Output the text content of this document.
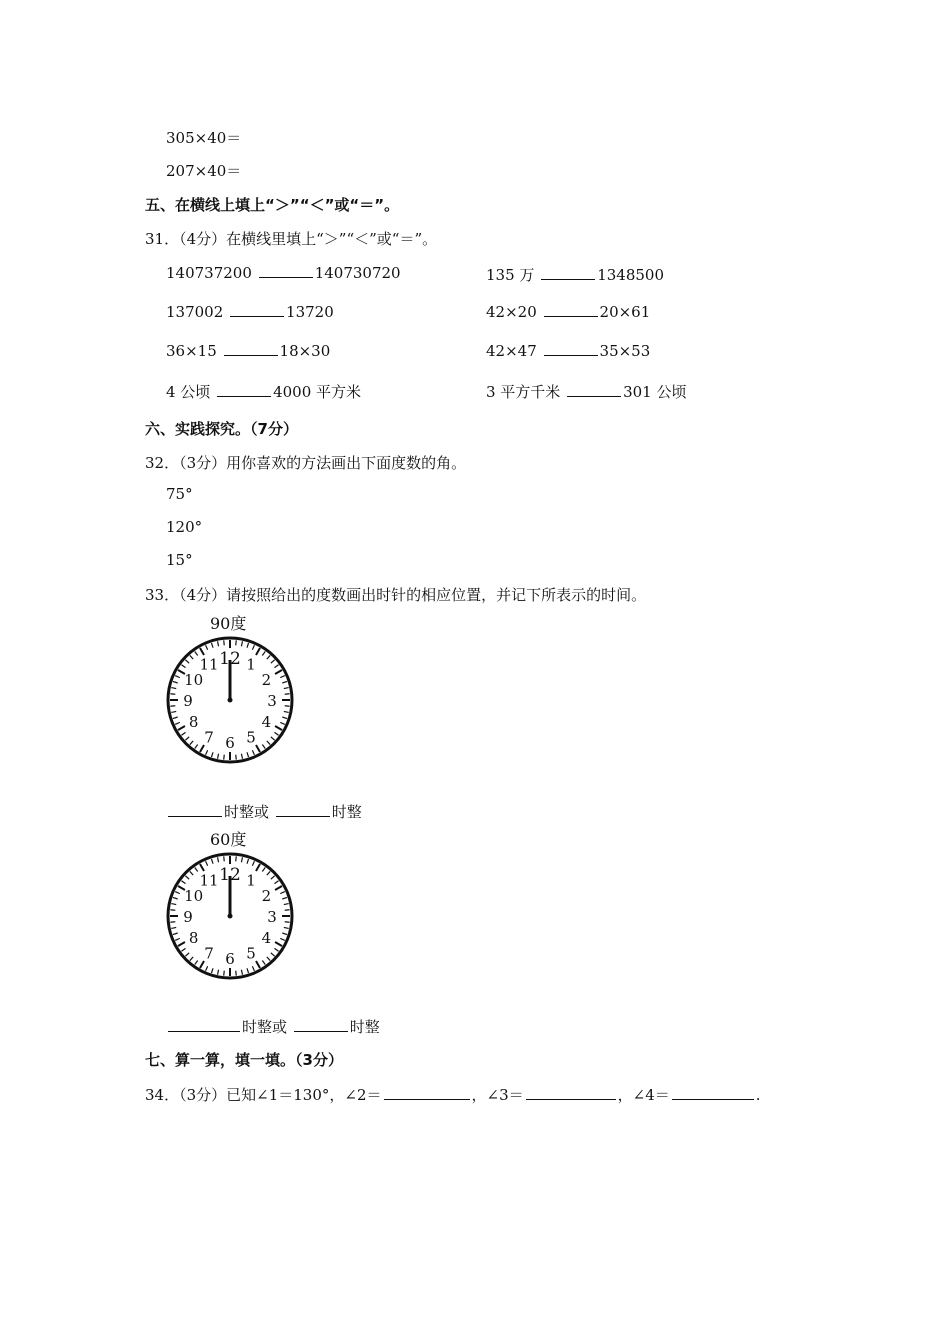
305×40＝
207×40＝
五、在横线上填上“＞”“＜”或“＝”。
31．（4分）在横线里填上“＞”“＜”或“＝”。
140737200	140730720	135 万	1348500
137002	13720	42×20	20×61
36×15	18×30	42×47	35×53
4 公顷	4000 平方米	3 平方千米	301 公顷
六、实践探究。（7分）
32．（3分）用你喜欢的方法画出下面度数的角。
75°
120°
15°
33．（4分）请按照给出的度数画出时针的相应位置，并记下所表示的时间。
90度
12 1
2
3
4
5
6
7
8
9
10
11
时整或	时整
60度
12 1
2
3
4
5
6
7
8
9
10
11
时整或	时整
七、算一算，填一填。（3分）
34．（3分）已知∠1＝130°，∠2＝	，∠3＝	，∠4＝	.
